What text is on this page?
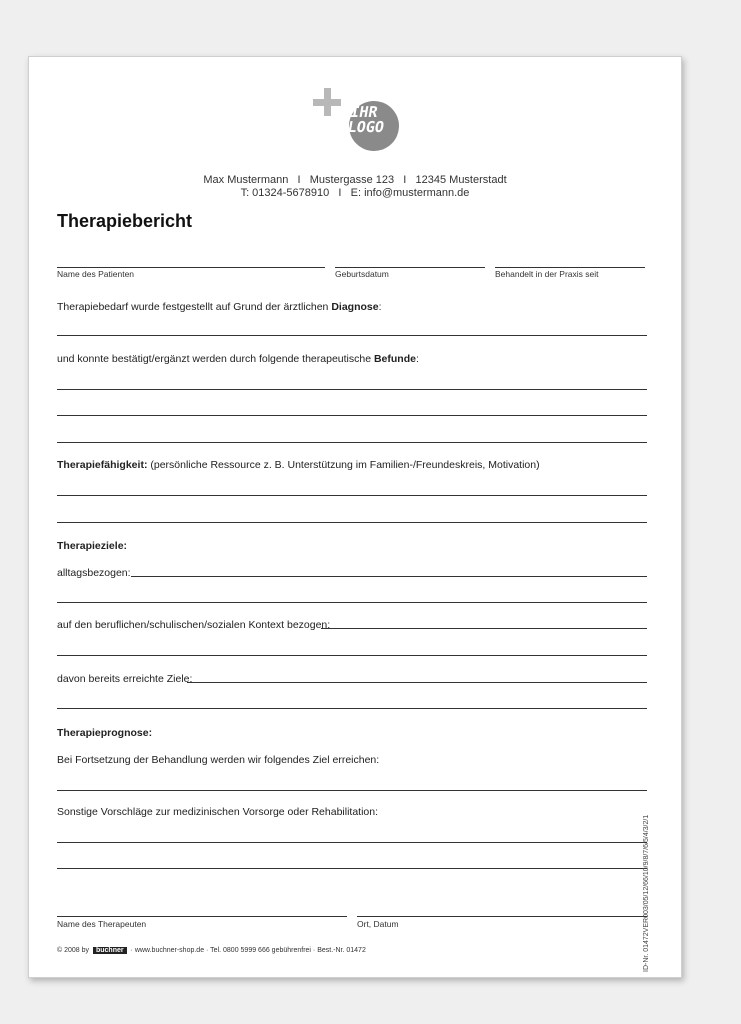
IHR
LOGO
Max Mustermann   I   Mustergasse 123   I   12345 Musterstadt
T: 01324-5678910   I   E: info@mustermann.de
Therapiebericht
Name des Patienten	Geburtsdatum	Behandelt in der Praxis seit
Therapiebedarf wurde festgestellt auf Grund der ärztlichen Diagnose:
und konnte bestätigt/ergänzt werden durch folgende therapeutische Befunde:
Therapiefähigkeit: (persönliche Ressource z. B. Unterstützung im Familien-/Freundeskreis, Motivation)
Therapieziele:
alltagsbezogen:
auf den beruflichen/schulischen/sozialen Kontext bezogen:
davon bereits erreichte Ziele:
Therapieprognose:
Bei Fortsetzung der Behandlung werden wir folgendes Ziel erreichen:
Sonstige Vorschläge zur medizinischen Vorsorge oder Rehabilitation:
Name des Therapeuten	Ort, Datum
© 2008 by buchner · www.buchner-shop.de · Tel. 0800 5999 666 gebührenfrei · Best.-Nr. 01472	ID-Nr. 01472VER003/05/12/66/10/9/8/7/6/5/4/3/2/1
